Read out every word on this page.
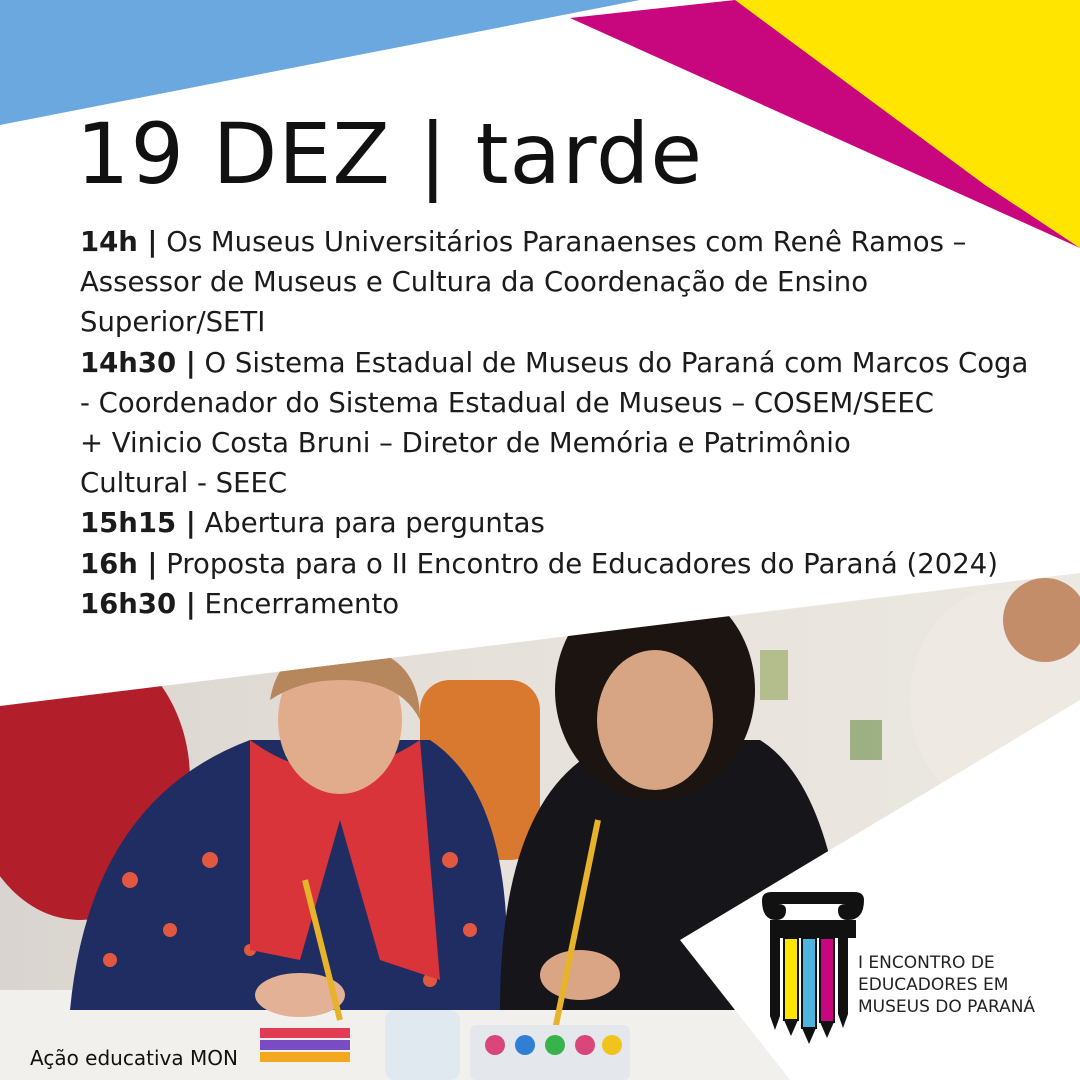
19 DEZ | tarde
14h | Os Museus Universitários Paranaenses com Renê Ramos –
Assessor de Museus e Cultura da Coordenação de Ensino
Superior/SETI
14h30 | O Sistema Estadual de Museus do Paraná com Marcos Coga
- Coordenador do Sistema Estadual de Museus – COSEM/SEEC
+ Vinicio Costa Bruni – Diretor de Memória e Patrimônio
Cultural - SEEC
15h15 | Abertura para perguntas
16h | Proposta para o II Encontro de Educadores do Paraná (2024)
16h30 | Encerramento
Ação educativa MON
I ENCONTRO DE
EDUCADORES EM
MUSEUS DO PARANÁ
